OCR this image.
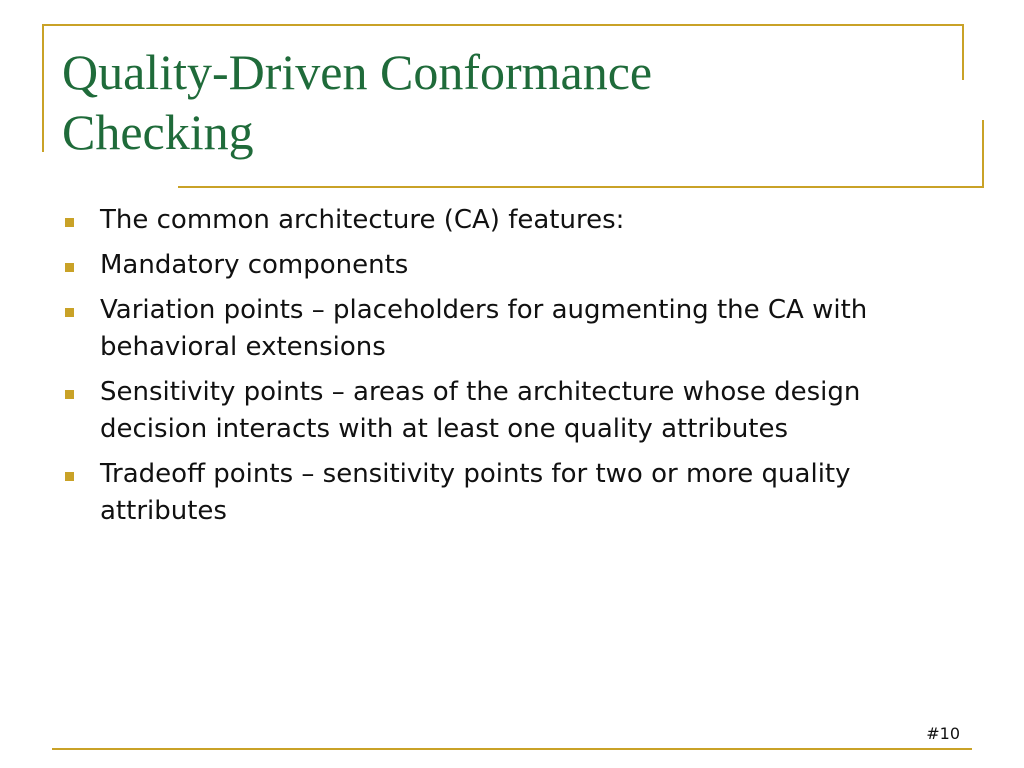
Quality-Driven Conformance
Checking
The common architecture (CA) features:
Mandatory components
Variation points – placeholders for augmenting the CA with behavioral extensions
Sensitivity points – areas of the architecture whose design decision interacts with at least one quality attributes
Tradeoff points – sensitivity points for two or more quality attributes
#10
